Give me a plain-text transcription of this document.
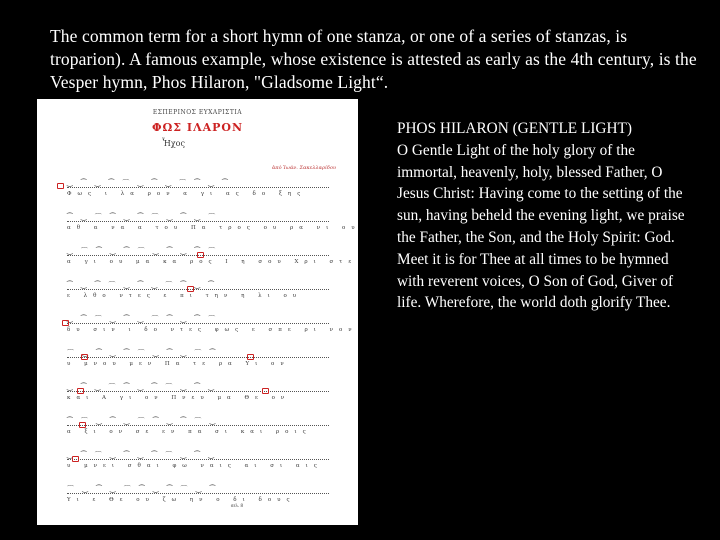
The common term for a short hymn of one stanza, or one of a series of stanzas, is troparion). A famous example, whose existence is attested as early as the 4th century, is the Vesper hymn, Phos Hilaron, "Gladsome Light“.
ΕΣΠΕΡΙΝΟΣ ΕΥΧΑΡΙΣΤΙΑ
ΦΩΣ ΙΛΑΡΟΝ
Ἦχος
ἀπὸ Ἰωάν. Σακελλαρίδου
‿ ⁀ ‿ ⁀ ⌒ ‿ ⁀ ‿ ⌒ ⁀ ‿ ⁀
Φως ι λα ρον α γι ας δο ξης
⁀ ‿ ⌒ ⁀ ‿ ⁀ ⌒ ‿ ⁀ ‿ ⌒
αθ α να α του Πα τρος ου ρα νι ου
‿ ⌒ ⁀ ‿ ⁀ ⌒ ‿ ⁀ ‿ ⁀ ⌒
α γι ου μα κα ρος Ι η σου Χρι στε
⁀ ‿ ⁀ ⌒ ‿ ⁀ ‿ ⌒ ⁀ ‿ ⁀
ε λθο ντες ε πι την η λι ου
‿ ⁀ ⌒ ‿ ⁀ ‿ ⌒ ⁀ ‿ ⁀ ⌒
δυ σιν ι δο ντες φως ε σπε ρι νον
⌒ ‿ ⁀ ‿ ⁀ ⌒ ‿ ⁀ ‿ ⌒ ⁀
υ μνου μεν Πα τε ρα Υι ον
‿ ⁀ ‿ ⌒ ⁀ ‿ ⁀ ⌒ ‿ ⁀ ‿
και Α γι ον Πνευ μα Θε ον
⁀ ⌒ ‿ ⁀ ‿ ⌒ ⁀ ‿ ⁀ ⌒ ‿
α ξι ον σε εν πα σι και ροις
‿ ⁀ ⌒ ‿ ⁀ ‿ ⁀ ⌒ ‿ ⁀ ‿
υ μνει σθαι φω ναις αι σι αις
⌒ ‿ ⁀ ‿ ⌒ ⁀ ‿ ⁀ ⌒ ‿ ⁀
Υι ε Θε ου ζω ην ο δι δους
σελ. 8

PHOS HILARON (GENTLE LIGHT)

O Gentle Light of the holy glory of the immortal, heavenly, holy, blessed Father, O Jesus Christ: Having come to the setting of the sun, having beheld the evening light, we praise the Father, the Son, and the Holy Spirit: God. Meet it is for Thee at all times to be hymned with reverent voices, O Son of God, Giver of life. Wherefore, the world doth glorify Thee.
